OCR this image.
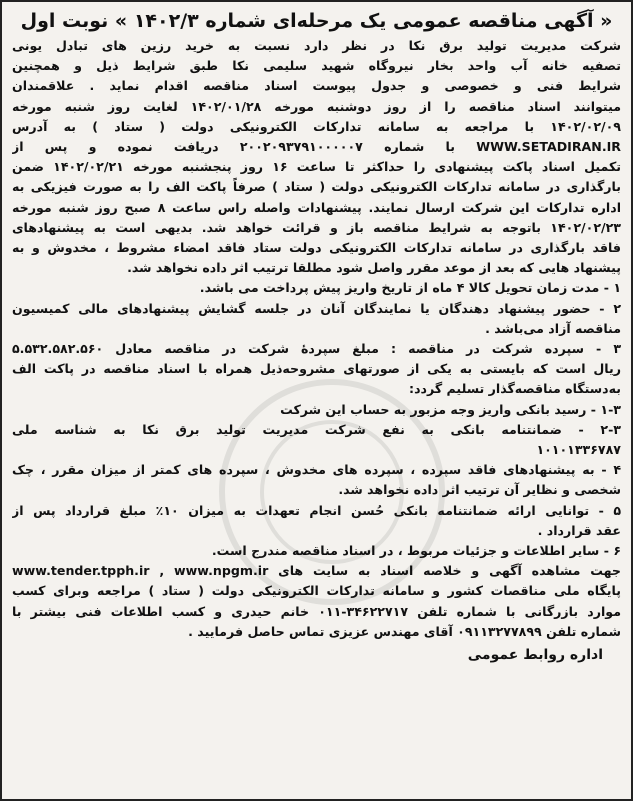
« آگهی مناقصه عمومی یک مرحله‌ای شماره ۱۴۰۲/۳ » نوبت اول

شرکت مدیریت تولید برق نکا در نظر دارد نسبت به خرید رزین های تبادل یونی

تصفیه خانه آب واحد بخار نیروگاه شهید سلیمی نکا طبق شرایط ذیل و همچنین

شرایط فنی و خصوصی و جدول پیوست اسناد مناقصه اقدام نماید . علاقمندان

میتوانند اسناد مناقصه را از روز دوشنبه مورخه ۱۴۰۲/۰۱/۲۸ لغایت روز شنبه مورخه

۱۴۰۲/۰۲/۰۹ با مراجعه به سامانه تدارکات الکترونیکی دولت ( ستاد ) به آدرس

WWW.SETADIRAN.IR با شماره ۲۰۰۲۰۹۳۷۹۱۰۰۰۰۰۷ دریافت نموده و پس از

تکمیل اسناد پاکت پیشنهادی را حداکثر تا ساعت ۱۶ روز پنجشنبه مورخه ۱۴۰۲/۰۲/۲۱ ضمن

بارگذاری در سامانه تدارکات الکترونیکی دولت ( ستاد ) صرفاً پاکت الف را به صورت فیزیکی به

اداره تدارکات این شرکت ارسال نمایند. پیشنهادات واصله راس ساعت ۸ صبح روز شنبه مورخه

۱۴۰۲/۰۲/۲۳ باتوجه به شرایط مناقصه باز و قرائت خواهد شد. بدیهی است به پیشنهادهای

فاقد بارگذاری در سامانه تدارکات الکترونیکی دولت ستاد فاقد امضاء مشروط ، مخدوش و به

پیشنهاد هایی که بعد از موعد مقرر واصل شود مطلقا ترتیب اثر داده نخواهد شد.

۱ - مدت زمان تحویل کالا ۴ ماه از تاریخ واریز پیش پرداخت می باشد.

۲ - حضور پیشنهاد دهندگان یا نمایندگان آنان در جلسه گشایش پیشنهادهای مالی کمیسیون

مناقصه آزاد می‌باشد .

۳ - سپرده شرکت در مناقصه : مبلغ سپردهٔ شرکت در مناقصه معادل ۵.۵۳۲.۵۸۲.۵۶۰

ریال است که بایستی به یکی از صورتهای مشروحه‌ذیل همراه با اسناد مناقصه در پاکت الف

بەدستگاه مناقصه‌گذار تسلیم گردد:

۱-۳ - رسید بانکی واریز وجه مزبور به حساب این شرکت

۲-۳ - ضمانتنامه بانکی به نفع شرکت مدیریت تولید برق نکا به شناسه ملی

۱۰۱۰۱۳۳۶۷۸۷

۴ - به پیشنهادهای فاقد سپرده ، سپرده های مخدوش ، سپرده های کمتر از میزان مقرر ، چک

شخصی و نظایر آن ترتیب اثر داده نخواهد شد.

۵ - توانایی ارائه ضمانتنامه بانکی حُسن انجام تعهدات به میزان ۱۰٪ مبلغ قرارداد پس از

عقد قرارداد .

۶ - سایر اطلاعات و جزئیات مربوط ، در اسناد مناقصه مندرج است.

جهت مشاهده آگهی و خلاصه اسناد به سایت های www.tender.tpph.ir , www.npgm.ir

پایگاه ملی مناقصات کشور و سامانه تدارکات الکترونیکی دولت ( ستاد ) مراجعه وبرای کسب

موارد بازرگانی با شماره تلفن ۳۴۶۲۲۷۱۷-۰۱۱ خانم حیدری و کسب اطلاعات فنی بیشتر با

شماره تلفن ۰۹۱۱۳۲۷۷۸۹۹ آقای مهندس عزیزی تماس حاصل فرمایید .

اداره روابط عمومی
